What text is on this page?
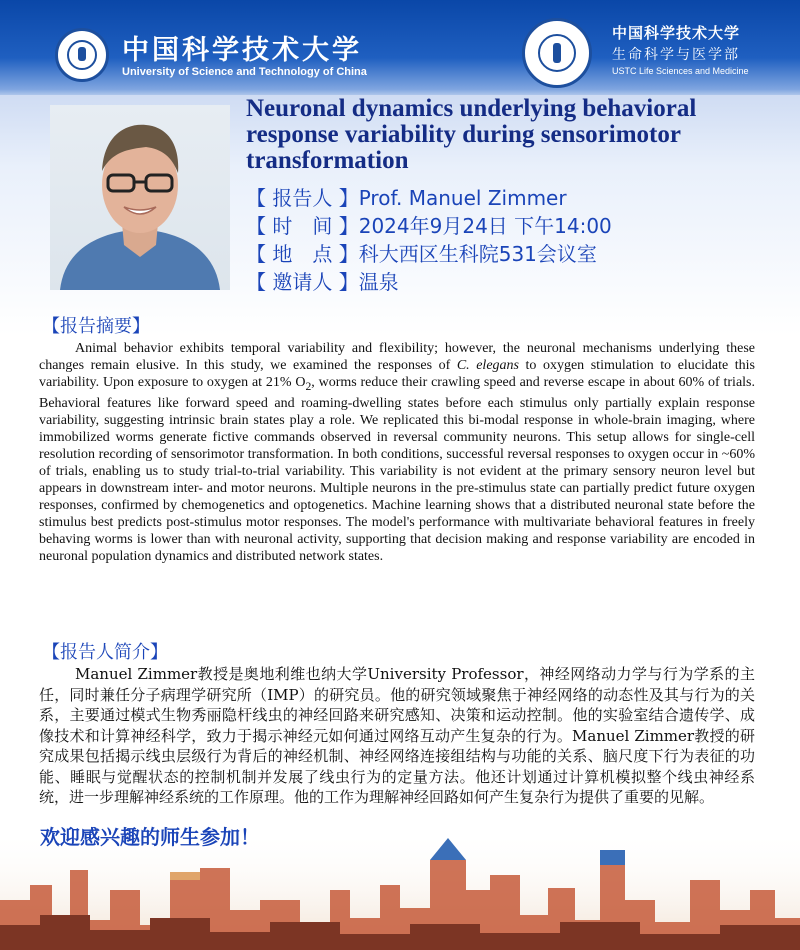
中国科学技术大学
University of Science and Technology of China
中国科学技术大学
生命科学与医学部
USTC Life Sciences and Medicine
Neuronal dynamics underlying behavioral response variability during sensorimotor transformation
【 报告人 】Prof. Manuel Zimmer
【 时　间 】2024年9月24日 下午14:00
【 地　点 】科大西区生科院531会议室
【 邀请人 】温泉
【报告摘要】

Animal behavior exhibits temporal variability and flexibility; however, the neuronal mechanisms underlying these changes remain elusive. In this study, we examined the responses of C. elegans to oxygen stimulation to elucidate this variability. Upon exposure to oxygen at 21% $O_2$, worms reduce their crawling speed and reverse escape in about 60% of trials. Behavioral features like forward speed and roaming-dwelling states before each stimulus only partially explain response variability, suggesting intrinsic brain states play a role. We replicated this bi-modal response in whole-brain imaging, where immobilized worms generate fictive commands observed in reversal community neurons. This setup allows for single-cell resolution recording of sensorimotor transformation. In both conditions, successful reversal responses to oxygen occur in ~60% of trials, enabling us to study trial-to-trial variability. This variability is not evident at the primary sensory neuron level but appears in downstream inter- and motor neurons. Multiple neurons in the pre-stimulus state can partially predict future oxygen responses, confirmed by chemogenetics and optogenetics. Machine learning shows that a distributed neuronal state before the stimulus best predicts post-stimulus motor responses. The model's performance with multivariate behavioral features in freely behaving worms is lower than with neuronal activity, supporting that decision making and response variability are encoded in neuronal population dynamics and distributed network states.

【报告人简介】

Manuel Zimmer教授是奥地利维也纳大学University Professor，神经网络动力学与行为学系的主任，同时兼任分子病理学研究所（IMP）的研究员。他的研究领域聚焦于神经网络的动态性及其与行为的关系，主要通过模式生物秀丽隐杆线虫的神经回路来研究感知、决策和运动控制。他的实验室结合遗传学、成像技术和计算神经科学，致力于揭示神经元如何通过网络互动产生复杂的行为。Manuel Zimmer教授的研究成果包括揭示线虫层级行为背后的神经机制、神经网络连接组结构与功能的关系、脑尺度下行为表征的功能、睡眠与觉醒状态的控制机制并发展了线虫行为的定量方法。他还计划通过计算机模拟整个线虫神经系统，进一步理解神经系统的工作原理。他的工作为理解神经回路如何产生复杂行为提供了重要的见解。

欢迎感兴趣的师生参加！
